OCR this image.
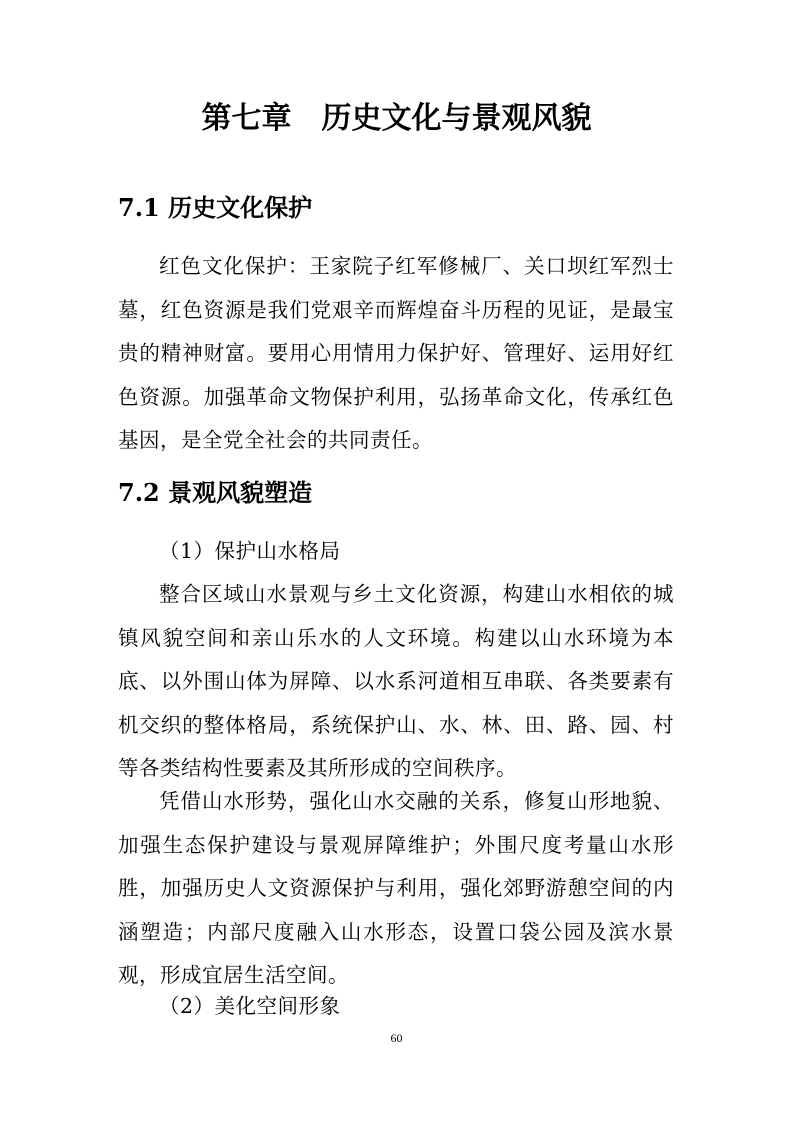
第七章　历史文化与景观风貌
7.1 历史文化保护

红色文化保护：王家院子红军修械厂、关口坝红军烈士墓，红色资源是我们党艰辛而辉煌奋斗历程的见证，是最宝贵的精神财富。要用心用情用力保护好、管理好、运用好红色资源。加强革命文物保护利用，弘扬革命文化，传承红色基因，是全党全社会的共同责任。

7.2 景观风貌塑造

（1）保护山水格局

整合区域山水景观与乡土文化资源，构建山水相依的城镇风貌空间和亲山乐水的人文环境。构建以山水环境为本底、以外围山体为屏障、以水系河道相互串联、各类要素有机交织的整体格局，系统保护山、水、林、田、路、园、村等各类结构性要素及其所形成的空间秩序。

凭借山水形势，强化山水交融的关系，修复山形地貌、加强生态保护建设与景观屏障维护；外围尺度考量山水形胜，加强历史人文资源保护与利用，强化郊野游憩空间的内涵塑造；内部尺度融入山水形态，设置口袋公园及滨水景观，形成宜居生活空间。

（2）美化空间形象

60
